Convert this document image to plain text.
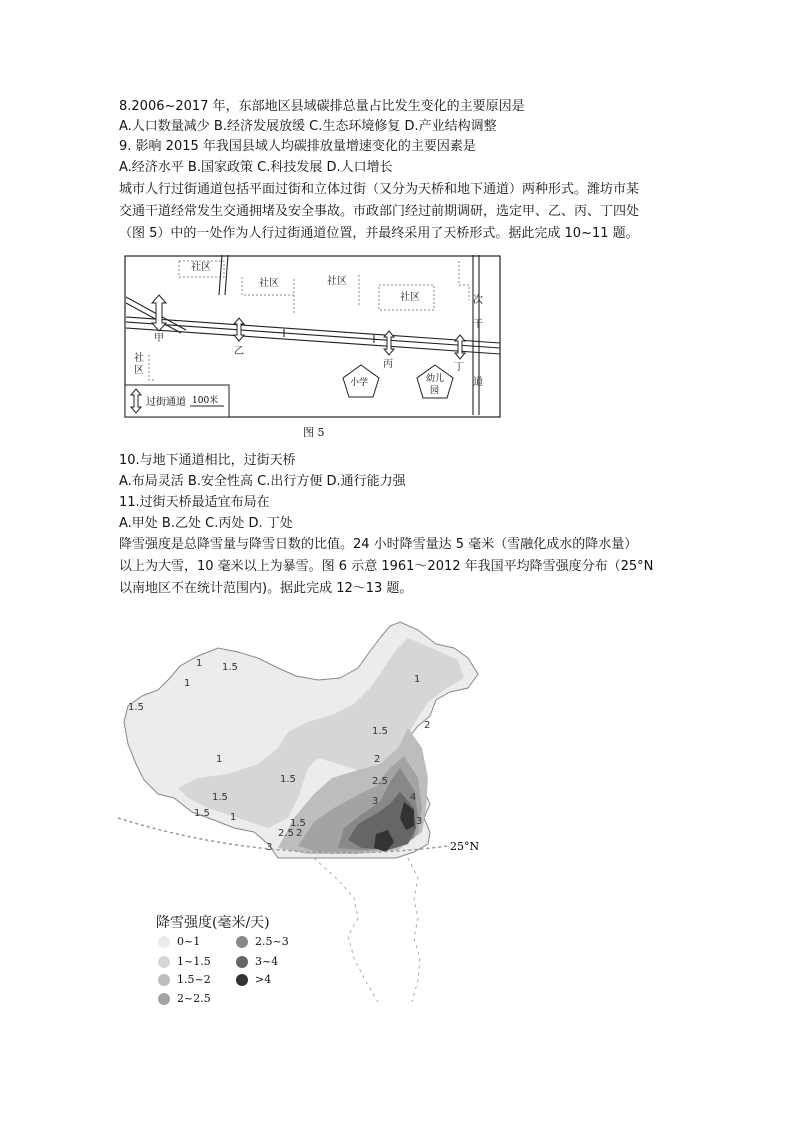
8.2006~2017 年，东部地区县域碳排总量占比发生变化的主要原因是
A.人口数量减少 B.经济发展放缓 C.生态环境修复 D.产业结构调整
9. 影响 2015 年我国县域人均碳排放量增速变化的主要因素是
A.经济水平 B.国家政策 C.科技发展 D.人口增长
城市人行过街通道包括平面过街和立体过街（又分为天桥和地下通道）两种形式。潍坊市某
交通干道经常发生交通拥堵及安全事故。市政部门经过前期调研，选定甲、乙、丙、丁四处
（图 5）中的一处作为人行过街通道位置，并最终采用了天桥形式。据此完成 10~11 题。
社区
社区	社区
社区
社
区
甲
乙
丙	丁
次
干
道
小学	幼儿
园
过街通道 100米
图 5
10.与地下通道相比，过街天桥
A.布局灵活 B.安全性高 C.出行方便 D.通行能力强
11.过街天桥最适宜布局在
A.甲处 B.乙处 C.丙处 D. 丁处
降雪强度是总降雪量与降雪日数的比值。24 小时降雪量达 5 毫米（雪融化成水的降水量）
以上为大雪，10 毫米以上为暴雪。图 6 示意 1961～2012 年我国平均降雪强度分布（25°N
以南地区不在统计范围内)。据此完成 12～13 题。
25°N
1 1.5
1
1.5
1
1.5
1.5 1
1
2
1.5
1.5
1.5
2
2.5
3	4
3
4
2.5 2
3
降雪强度(毫米/天)
0~1
1~1.5
1.5~2
2~2.5
2.5~3
3~4
>4
